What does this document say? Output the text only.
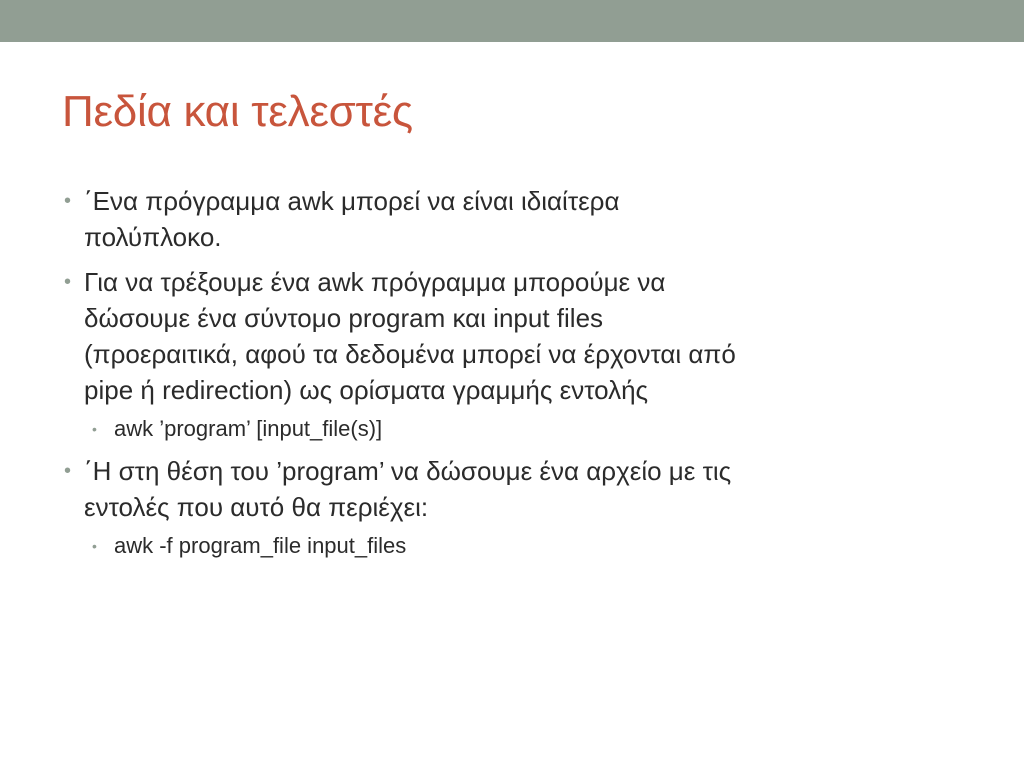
Πεδία και τελεστές
• ΄Ενα πρόγραμμα awk μπορεί να είναι ιδιαίτερα
πολύπλοκο.
• Για να τρέξουμε ένα awk πρόγραμμα μπορούμε να
δώσουμε ένα σύντομο program και input files
(προεραιτικά, αφού τα δεδομένα μπορεί να έρχονται από
pipe ή redirection) ως ορίσματα γραμμής εντολής
• awk ’program’ [input_file(s)]
• ΄Η στη θέση του ’program’ να δώσουμε ένα αρχείο με τις
εντολές που αυτό θα περιέχει:
• awk -f program_file input_files
